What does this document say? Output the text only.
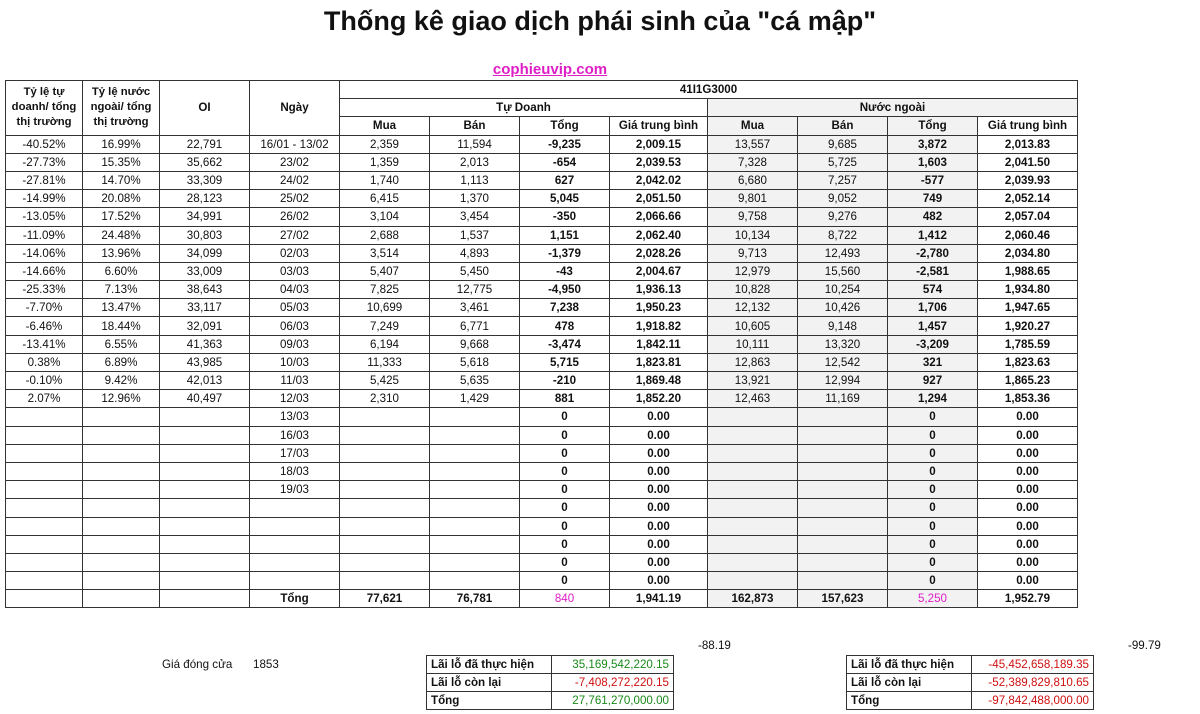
Thống kê giao dịch phái sinh của "cá mập"
cophieuvip.com
Tỷ lệ tự doanh/ tổng thị trường	Tỷ lệ nước ngoài/ tổng thị trường	OI	Ngày	41I1G3000							
				Tự Doanh				Nước ngoài			
				Mua	Bán	Tổng	Giá trung bình	Mua	Bán	Tổng	Giá trung bình
-40.52%	16.99%	22,791	16/01 - 13/02	2,359	11,594	-9,235	2,009.15	13,557	9,685	3,872	2,013.83
-27.73%	15.35%	35,662	23/02	1,359	2,013	-654	2,039.53	7,328	5,725	1,603	2,041.50
-27.81%	14.70%	33,309	24/02	1,740	1,113	627	2,042.02	6,680	7,257	-577	2,039.93
-14.99%	20.08%	28,123	25/02	6,415	1,370	5,045	2,051.50	9,801	9,052	749	2,052.14
-13.05%	17.52%	34,991	26/02	3,104	3,454	-350	2,066.66	9,758	9,276	482	2,057.04
-11.09%	24.48%	30,803	27/02	2,688	1,537	1,151	2,062.40	10,134	8,722	1,412	2,060.46
-14.06%	13.96%	34,099	02/03	3,514	4,893	-1,379	2,028.26	9,713	12,493	-2,780	2,034.80
-14.66%	6.60%	33,009	03/03	5,407	5,450	-43	2,004.67	12,979	15,560	-2,581	1,988.65
-25.33%	7.13%	38,643	04/03	7,825	12,775	-4,950	1,936.13	10,828	10,254	574	1,934.80
-7.70%	13.47%	33,117	05/03	10,699	3,461	7,238	1,950.23	12,132	10,426	1,706	1,947.65
-6.46%	18.44%	32,091	06/03	7,249	6,771	478	1,918.82	10,605	9,148	1,457	1,920.27
-13.41%	6.55%	41,363	09/03	6,194	9,668	-3,474	1,842.11	10,111	13,320	-3,209	1,785.59
0.38%	6.89%	43,985	10/03	11,333	5,618	5,715	1,823.81	12,863	12,542	321	1,823.63
-0.10%	9.42%	42,013	11/03	5,425	5,635	-210	1,869.48	13,921	12,994	927	1,865.23
2.07%	12.96%	40,497	12/03	2,310	1,429	881	1,852.20	12,463	11,169	1,294	1,853.36
			13/03			0	0.00			0	0.00
			16/03			0	0.00			0	0.00
			17/03			0	0.00			0	0.00
			18/03			0	0.00			0	0.00
			19/03			0	0.00			0	0.00
						0	0.00			0	0.00
						0	0.00			0	0.00
						0	0.00			0	0.00
						0	0.00			0	0.00
						0	0.00			0	0.00
			Tổng	77,621	76,781	840	1,941.19	162,873	157,623	5,250	1,952.79
-88.19	-99.79
Giá đóng cửa 1853	Lãi lỗ đã thực hiện	35,169,542,220.15
Lãi lỗ còn lại	-7,408,272,220.15
Tổng	27,761,270,000.00
Lãi lỗ đã thực hiện	-45,452,658,189.35
Lãi lỗ còn lại	-52,389,829,810.65
Tổng	-97,842,488,000.00
